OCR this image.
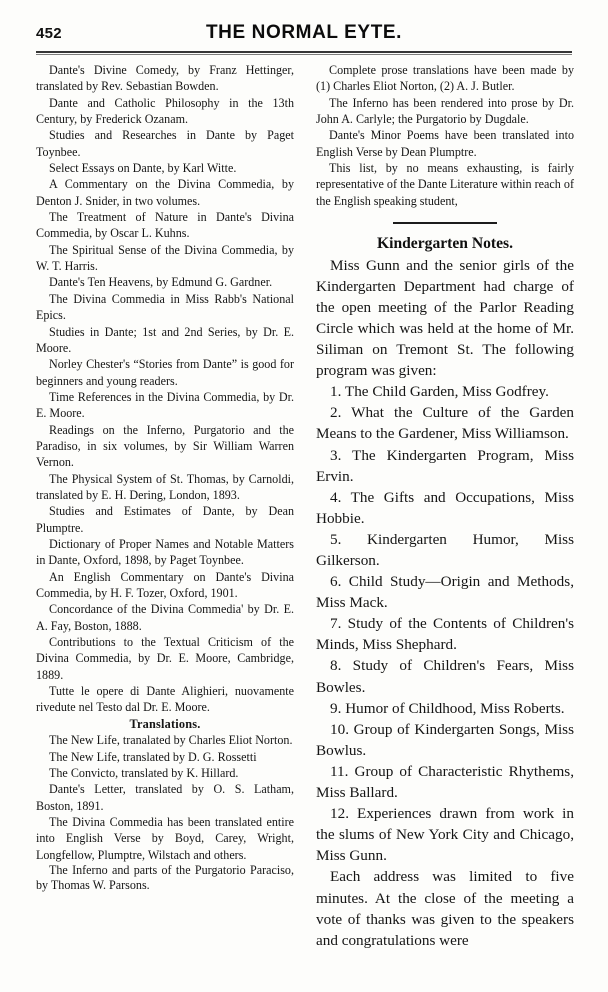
452	THE NORMAL EYTE.

Dante's Divine Comedy, by Franz Hettinger, translated by Rev. Sebastian Bowden.

Dante and Catholic Philosophy in the 13th Century, by Frederick Ozanam.

Studies and Researches in Dante by Paget Toynbee.

Select Essays on Dante, by Karl Witte.

A Commentary on the Divina Commedia, by Denton J. Snider, in two volumes.

The Treatment of Nature in Dante's Divina Commedia, by Oscar L. Kuhns.

The Spiritual Sense of the Divina Commedia, by W. T. Harris.

Dante's Ten Heavens, by Edmund G. Gardner.

The Divina Commedia in Miss Rabb's National Epics.

Studies in Dante; 1st and 2nd Series, by Dr. E. Moore.

Norley Chester's “Stories from Dante” is good for beginners and young readers.

Time References in the Divina Commedia, by Dr. E. Moore.

Readings on the Inferno, Purgatorio and the Paradiso, in six volumes, by Sir William Warren Vernon.

The Physical System of St. Thomas, by Carnoldi, translated by E. H. Dering, London, 1893.

Studies and Estimates of Dante, by Dean Plumptre.

Dictionary of Proper Names and Notable Matters in Dante, Oxford, 1898, by Paget Toynbee.

An English Commentary on Dante's Divina Commedia, by H. F. Tozer, Oxford, 1901.

Concordance of the Divina Commedia' by Dr. E. A. Fay, Boston, 1888.

Contributions to the Textual Criticism of the Divina Commedia, by Dr. E. Moore, Cambridge, 1889.

Tutte le opere di Dante Alighieri, nuovamente rivedute nel Testo dal Dr. E. Moore.

Translations.

The New Life, tranalated by Charles Eliot Norton.

The New Life, translated by D. G. Rossetti

The Convicto, translated by K. Hillard.

Dante's Letter, translated by O. S. Latham, Boston, 1891.

The Divina Commedia has been translated entire into English Verse by Boyd, Carey, Wright, Longfellow, Plumptre, Wilstach and others.

The Inferno and parts of the Purgatorio Paraciso, by Thomas W. Parsons.

Complete prose translations have been made by (1) Charles Eliot Norton, (2) A. J. Butler.

The Inferno has been rendered into prose by Dr. John A. Carlyle; the Purgatorio by Dugdale.

Dante's Minor Poems have been translated into English Verse by Dean Plumptre.

This list, by no means exhausting, is fairly representative of the Dante Literature within reach of the English speaking student,

Kindergarten Notes.

Miss Gunn and the senior girls of the Kindergarten Department had charge of the open meeting of the Parlor Reading Circle which was held at the home of Mr. Siliman on Tremont St. The following program was given:

1. The Child Garden, Miss Godfrey.

2. What the Culture of the Garden Means to the Gardener, Miss Williamson.

3. The Kindergarten Program, Miss Ervin.

4. The Gifts and Occupations, Miss Hobbie.

5. Kindergarten Humor, Miss Gilkerson.

6. Child Study—Origin and Methods, Miss Mack.

7. Study of the Contents of Children's Minds, Miss Shephard.

8. Study of Children's Fears, Miss Bowles.

9. Humor of Childhood, Miss Roberts.

10. Group of Kindergarten Songs, Miss Bowlus.

11. Group of Characteristic Rhythems, Miss Ballard.

12. Experiences drawn from work in the slums of New York City and Chicago, Miss Gunn.

Each address was limited to five minutes. At the close of the meeting a vote of thanks was given to the speakers and congratulations were
